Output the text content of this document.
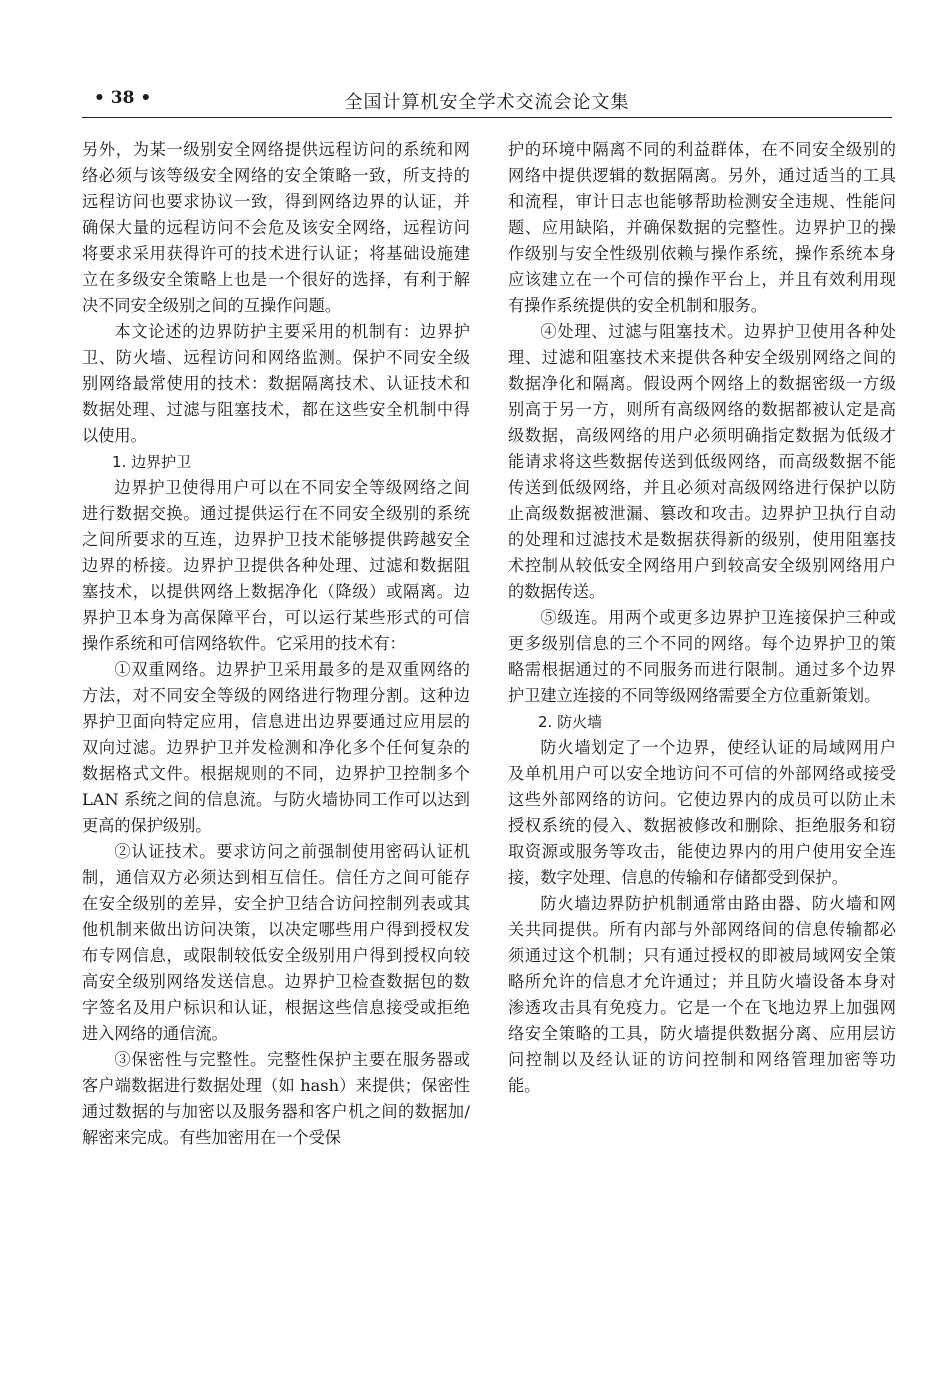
• 38 •	全国计算机安全学术交流会论文集

另外，为某一级别安全网络提供远程访问的系统和网络必须与该等级安全网络的安全策略一致，所支持的远程访问也要求协议一致，得到网络边界的认证，并确保大量的远程访问不会危及该安全网络，远程访问将要求采用获得许可的技术进行认证；将基础设施建立在多级安全策略上也是一个很好的选择，有利于解决不同安全级别之间的互操作问题。

本文论述的边界防护主要采用的机制有：边界护卫、防火墙、远程访问和网络监测。保护不同安全级别网络最常使用的技术：数据隔离技术、认证技术和数据处理、过滤与阻塞技术，都在这些安全机制中得以使用。

1. 边界护卫

边界护卫使得用户可以在不同安全等级网络之间进行数据交换。通过提供运行在不同安全级别的系统之间所要求的互连，边界护卫技术能够提供跨越安全边界的桥接。边界护卫提供各种处理、过滤和数据阻塞技术，以提供网络上数据净化（降级）或隔离。边界护卫本身为高保障平台，可以运行某些形式的可信操作系统和可信网络软件。它采用的技术有：

①双重网络。边界护卫采用最多的是双重网络的方法，对不同安全等级的网络进行物理分割。这种边界护卫面向特定应用，信息进出边界要通过应用层的双向过滤。边界护卫并发检测和净化多个任何复杂的数据格式文件。根据规则的不同，边界护卫控制多个 LAN 系统之间的信息流。与防火墙协同工作可以达到更高的保护级别。

②认证技术。要求访问之前强制使用密码认证机制，通信双方必须达到相互信任。信任方之间可能存在安全级别的差异，安全护卫结合访问控制列表或其他机制来做出访问决策，以决定哪些用户得到授权发布专网信息，或限制较低安全级别用户得到授权向较高安全级别网络发送信息。边界护卫检查数据包的数字签名及用户标识和认证，根据这些信息接受或拒绝进入网络的通信流。

③保密性与完整性。完整性保护主要在服务器或客户端数据进行数据处理（如 hash）来提供；保密性通过数据的与加密以及服务器和客户机之间的数据加/解密来完成。有些加密用在一个受保

护的环境中隔离不同的利益群体，在不同安全级别的网络中提供逻辑的数据隔离。另外，通过适当的工具和流程，审计日志也能够帮助检测安全违规、性能问题、应用缺陷，并确保数据的完整性。边界护卫的操作级别与安全性级别依赖与操作系统，操作系统本身应该建立在一个可信的操作平台上，并且有效利用现有操作系统提供的安全机制和服务。

④处理、过滤与阻塞技术。边界护卫使用各种处理、过滤和阻塞技术来提供各种安全级别网络之间的数据净化和隔离。假设两个网络上的数据密级一方级别高于另一方，则所有高级网络的数据都被认定是高级数据，高级网络的用户必须明确指定数据为低级才能请求将这些数据传送到低级网络，而高级数据不能传送到低级网络，并且必须对高级网络进行保护以防止高级数据被泄漏、篡改和攻击。边界护卫执行自动的处理和过滤技术是数据获得新的级别，使用阻塞技术控制从较低安全网络用户到较高安全级别网络用户的数据传送。

⑤级连。用两个或更多边界护卫连接保护三种或更多级别信息的三个不同的网络。每个边界护卫的策略需根据通过的不同服务而进行限制。通过多个边界护卫建立连接的不同等级网络需要全方位重新策划。

2. 防火墙

防火墙划定了一个边界，使经认证的局域网用户及单机用户可以安全地访问不可信的外部网络或接受这些外部网络的访问。它使边界内的成员可以防止未授权系统的侵入、数据被修改和删除、拒绝服务和窃取资源或服务等攻击，能使边界内的用户使用安全连接，数字处理、信息的传输和存储都受到保护。

防火墙边界防护机制通常由路由器、防火墙和网关共同提供。所有内部与外部网络间的信息传输都必须通过这个机制；只有通过授权的即被局域网安全策略所允许的信息才允许通过；并且防火墙设备本身对渗透攻击具有免疫力。它是一个在飞地边界上加强网络安全策略的工具，防火墙提供数据分离、应用层访问控制以及经认证的访问控制和网络管理加密等功能。
